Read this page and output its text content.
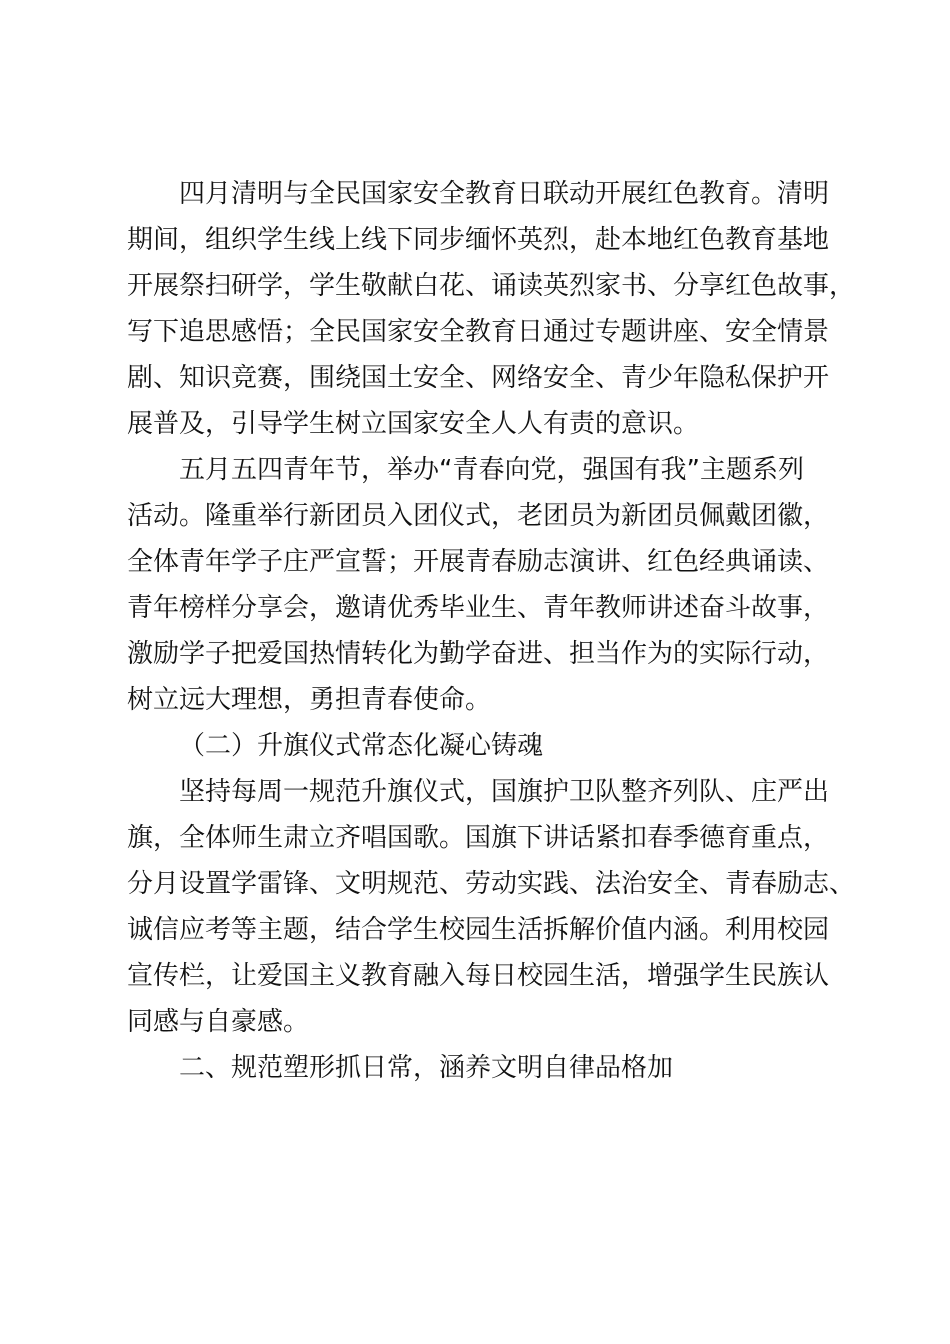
四月清明与全民国家安全教育日联动开展红色教育。清明
期间，组织学生线上线下同步缅怀英烈，赴本地红色教育基地
开展祭扫研学，学生敬献白花、诵读英烈家书、分享红色故事，
写下追思感悟；全民国家安全教育日通过专题讲座、安全情景
剧、知识竞赛，围绕国土安全、网络安全、青少年隐私保护开
展普及，引导学生树立国家安全人人有责的意识。
五月五四青年节，举办“青春向党，强国有我”主题系列
活动。隆重举行新团员入团仪式，老团员为新团员佩戴团徽，
全体青年学子庄严宣誓；开展青春励志演讲、红色经典诵读、
青年榜样分享会，邀请优秀毕业生、青年教师讲述奋斗故事，
激励学子把爱国热情转化为勤学奋进、担当作为的实际行动，
树立远大理想，勇担青春使命。
（二）升旗仪式常态化凝心铸魂
坚持每周一规范升旗仪式，国旗护卫队整齐列队、庄严出
旗，全体师生肃立齐唱国歌。国旗下讲话紧扣春季德育重点，
分月设置学雷锋、文明规范、劳动实践、法治安全、青春励志、
诚信应考等主题，结合学生校园生活拆解价值内涵。利用校园
宣传栏，让爱国主义教育融入每日校园生活，增强学生民族认
同感与自豪感。
二、规范塑形抓日常，涵养文明自律品格加
